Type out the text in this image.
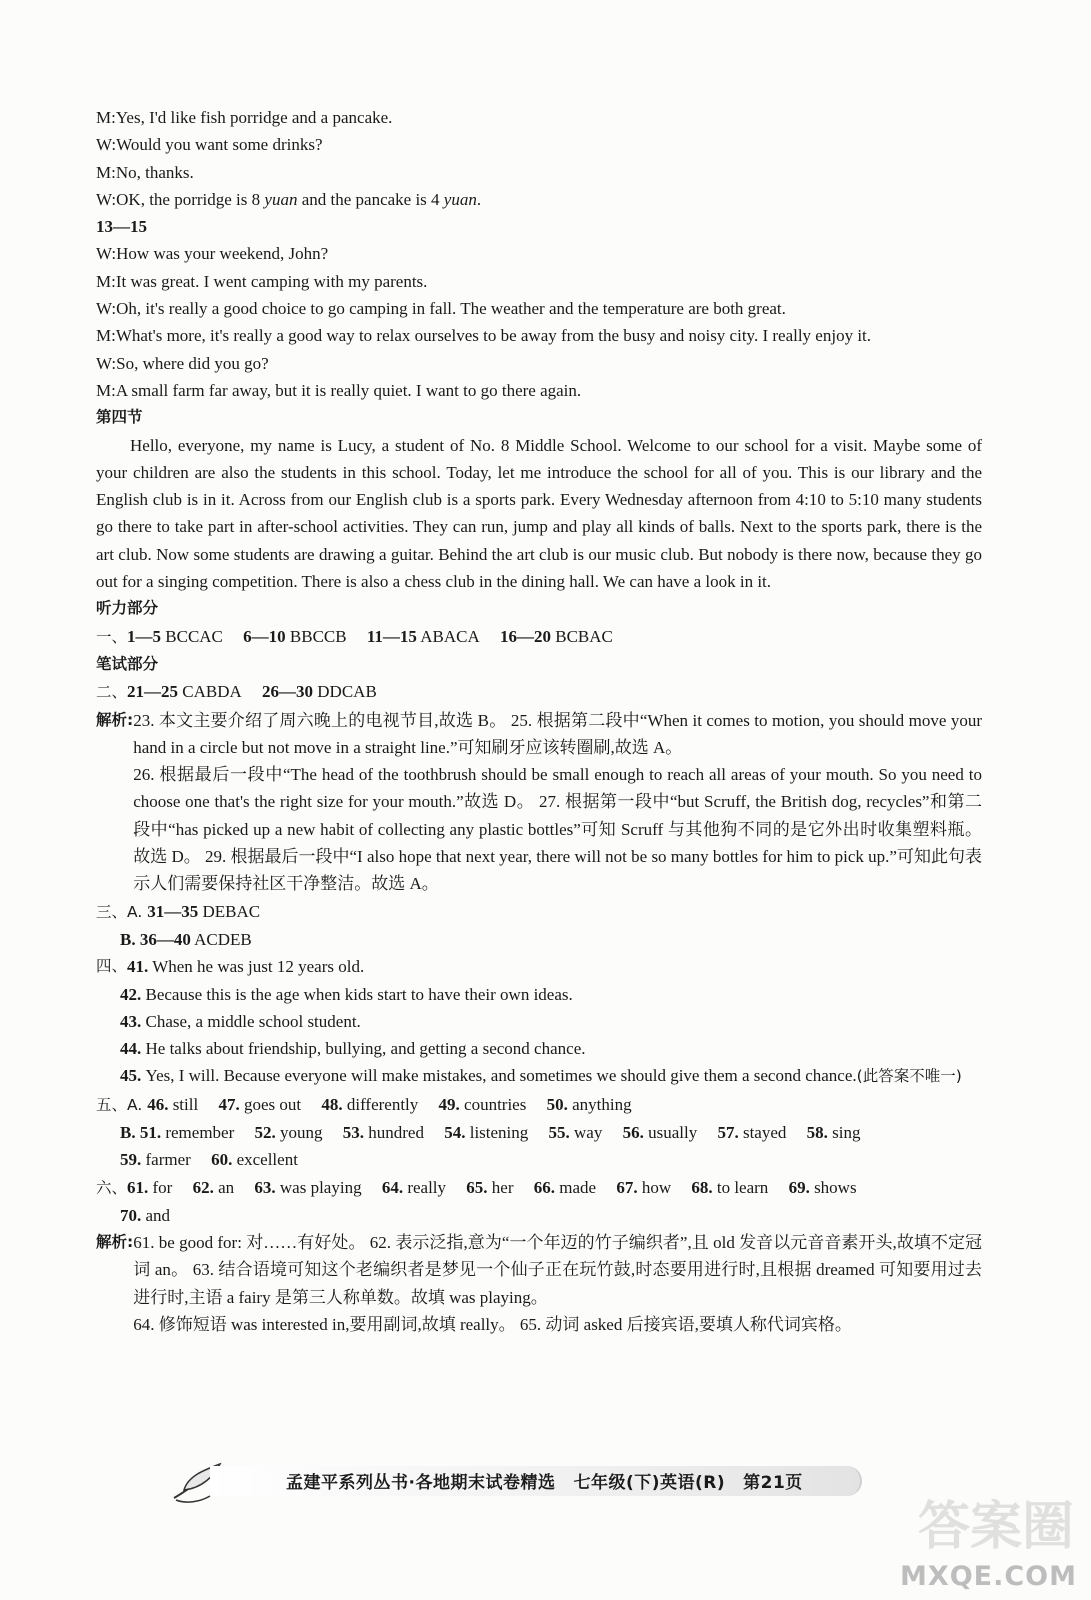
M: Yes, I'd like fish porridge and a pancake.
W: Would you want some drinks?
M: No, thanks.
W: OK, the porridge is 8 yuan and the pancake is 4 yuan.
13—15
W: How was your weekend, John?
M: It was great. I went camping with my parents.
W: Oh, it's really a good choice to go camping in fall. The weather and the temperature are both great.
M: What's more, it's really a good way to relax ourselves to be away from the busy and noisy city. I really enjoy it.
W: So, where did you go?
M: A small farm far away, but it is really quiet. I want to go there again.
第四节
Hello, everyone, my name is Lucy, a student of No. 8 Middle School. Welcome to our school for a visit. Maybe some of your children are also the students in this school. Today, let me introduce the school for all of you. This is our library and the English club is in it. Across from our English club is a sports park. Every Wednesday afternoon from 4:10 to 5:10 many students go there to take part in after-school activities. They can run, jump and play all kinds of balls. Next to the sports park, there is the art club. Now some students are drawing a guitar. Behind the art club is our music club. But nobody is there now, because they go out for a singing competition. There is also a chess club in the dining hall. We can have a look in it.
听力部分
一、1—5 BCCAC 6—10 BBCCB 11—15 ABACA 16—20 BCBAC
笔试部分
二、21—25 CABDA 26—30 DDCAB
解析: 23. 本文主要介绍了周六晚上的电视节目,故选 B。 25. 根据第二段中“When it comes to motion, you should move your hand in a circle but not move in a straight line.”可知刷牙应该转圈刷,故选 A。
26. 根据最后一段中“The head of the toothbrush should be small enough to reach all areas of your mouth. So you need to choose one that's the right size for your mouth.”故选 D。 27. 根据第一段中“but Scruff, the British dog, recycles”和第二段中“has picked up a new habit of collecting any plastic bottles”可知 Scruff 与其他狗不同的是它外出时收集塑料瓶。故选 D。 29. 根据最后一段中“I also hope that next year, there will not be so many bottles for him to pick up.”可知此句表示人们需要保持社区干净整洁。故选 A。
三、A. 31—35 DEBAC
B. 36—40 ACDEB
四、 41. When he was just 12 years old.
42. Because this is the age when kids start to have their own ideas.
43. Chase, a middle school student.
44. He talks about friendship, bullying, and getting a second chance.
45. Yes, I will. Because everyone will make mistakes, and sometimes we should give them a second chance.(此答案不唯一)
五、A. 46. still 47. goes out 48. differently 49. countries 50. anything
B. 51. remember 52. young 53. hundred 54. listening 55. way 56. usually 57. stayed 58. sing
59. farmer 60. excellent
六、61. for 62. an 63. was playing 64. really 65. her 66. made 67. how 68. to learn 69. shows
70. and
解析: 61. be good for: 对……有好处。 62. 表示泛指,意为“一个年迈的竹子编织者”,且 old 发音以元音音素开头,故填不定冠词 an。 63. 结合语境可知这个老编织者是梦见一个仙子正在玩竹鼓,时态要用进行时,且根据 dreamed 可知要用过去进行时,主语 a fairy 是第三人称单数。故填 was playing。
64. 修饰短语 was interested in,要用副词,故填 really。 65. 动词 asked 后接宾语,要填人称代词宾格。
孟建平系列丛书·各地期末试卷精选 七年级(下)英语(R) 第21页
答案圈
MXQE.COM
